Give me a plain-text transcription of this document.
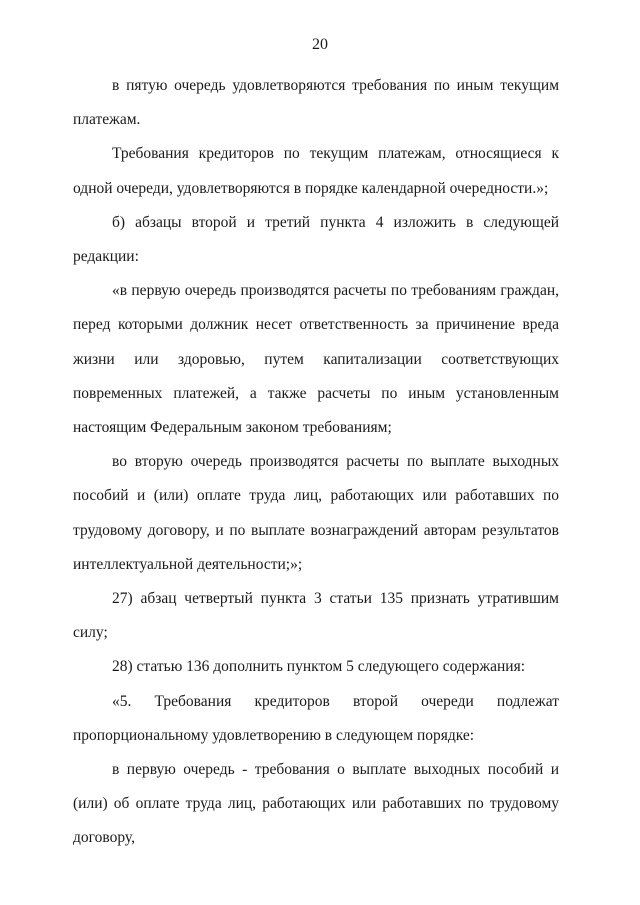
20

в пятую очередь удовлетворяются требования по иным текущим платежам.

Требования кредиторов по текущим платежам, относящиеся к одной очереди, удовлетворяются в порядке календарной очередности.»;

б) абзацы второй и третий пункта 4 изложить в следующей редакции:

«в первую очередь производятся расчеты по требованиям граждан, перед которыми должник несет ответственность за причинение вреда жизни или здоровью, путем капитализации соответствующих повременных платежей, а также расчеты по иным установленным настоящим Федеральным законом требованиям;

во вторую очередь производятся расчеты по выплате выходных пособий и (или) оплате труда лиц, работающих или работавших по трудовому договору, и по выплате вознаграждений авторам результатов интеллектуальной деятельности;»;

27) абзац четвертый пункта 3 статьи 135 признать утратившим силу;

28) статью 136 дополнить пунктом 5 следующего содержания:

«5. Требования кредиторов второй очереди подлежат пропорциональному удовлетворению в следующем порядке:

в первую очередь - требования о выплате выходных пособий и (или) об оплате труда лиц, работающих или работавших по трудовому договору,
